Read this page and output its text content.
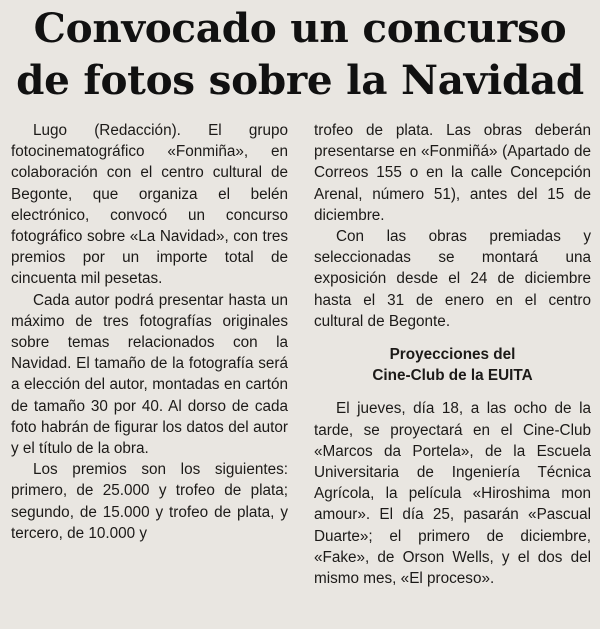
Convocado un concurso
de fotos sobre la Navidad

Lugo (Redacción). El grupo fotocinematográfico «Fonmiña», en colaboración con el centro cultural de Begonte, que organiza el belén electrónico, convocó un concurso fotográfico sobre «La Navidad», con tres premios por un importe total de cincuenta mil pesetas.

Cada autor podrá presentar hasta un máximo de tres fotografías originales sobre temas relacionados con la Navidad. El tamaño de la fotografía será a elección del autor, montadas en cartón de tamaño 30 por 40. Al dorso de cada foto habrán de figurar los datos del autor y el título de la obra.

Los premios son los siguientes: primero, de 25.000 y trofeo de plata; segundo, de 15.000 y trofeo de plata, y tercero, de 10.000 y

trofeo de plata. Las obras deberán presentarse en «Fonmiñá» (Apartado de Correos 155 o en la calle Concepción Arenal, número 51), antes del 15 de diciembre.

Con las obras premiadas y seleccionadas se montará una exposición desde el 24 de diciembre hasta el 31 de enero en el centro cultural de Begonte.

Proyecciones del
Cine-Club de la EUITA

El jueves, día 18, a las ocho de la tarde, se proyectará en el Cine-Club «Marcos da Portela», de la Escuela Universitaria de Ingeniería Técnica Agrícola, la película «Hiroshima mon amour». El día 25, pasarán «Pascual Duarte»; el primero de diciembre, «Fake», de Orson Wells, y el dos del mismo mes, «El proceso».
